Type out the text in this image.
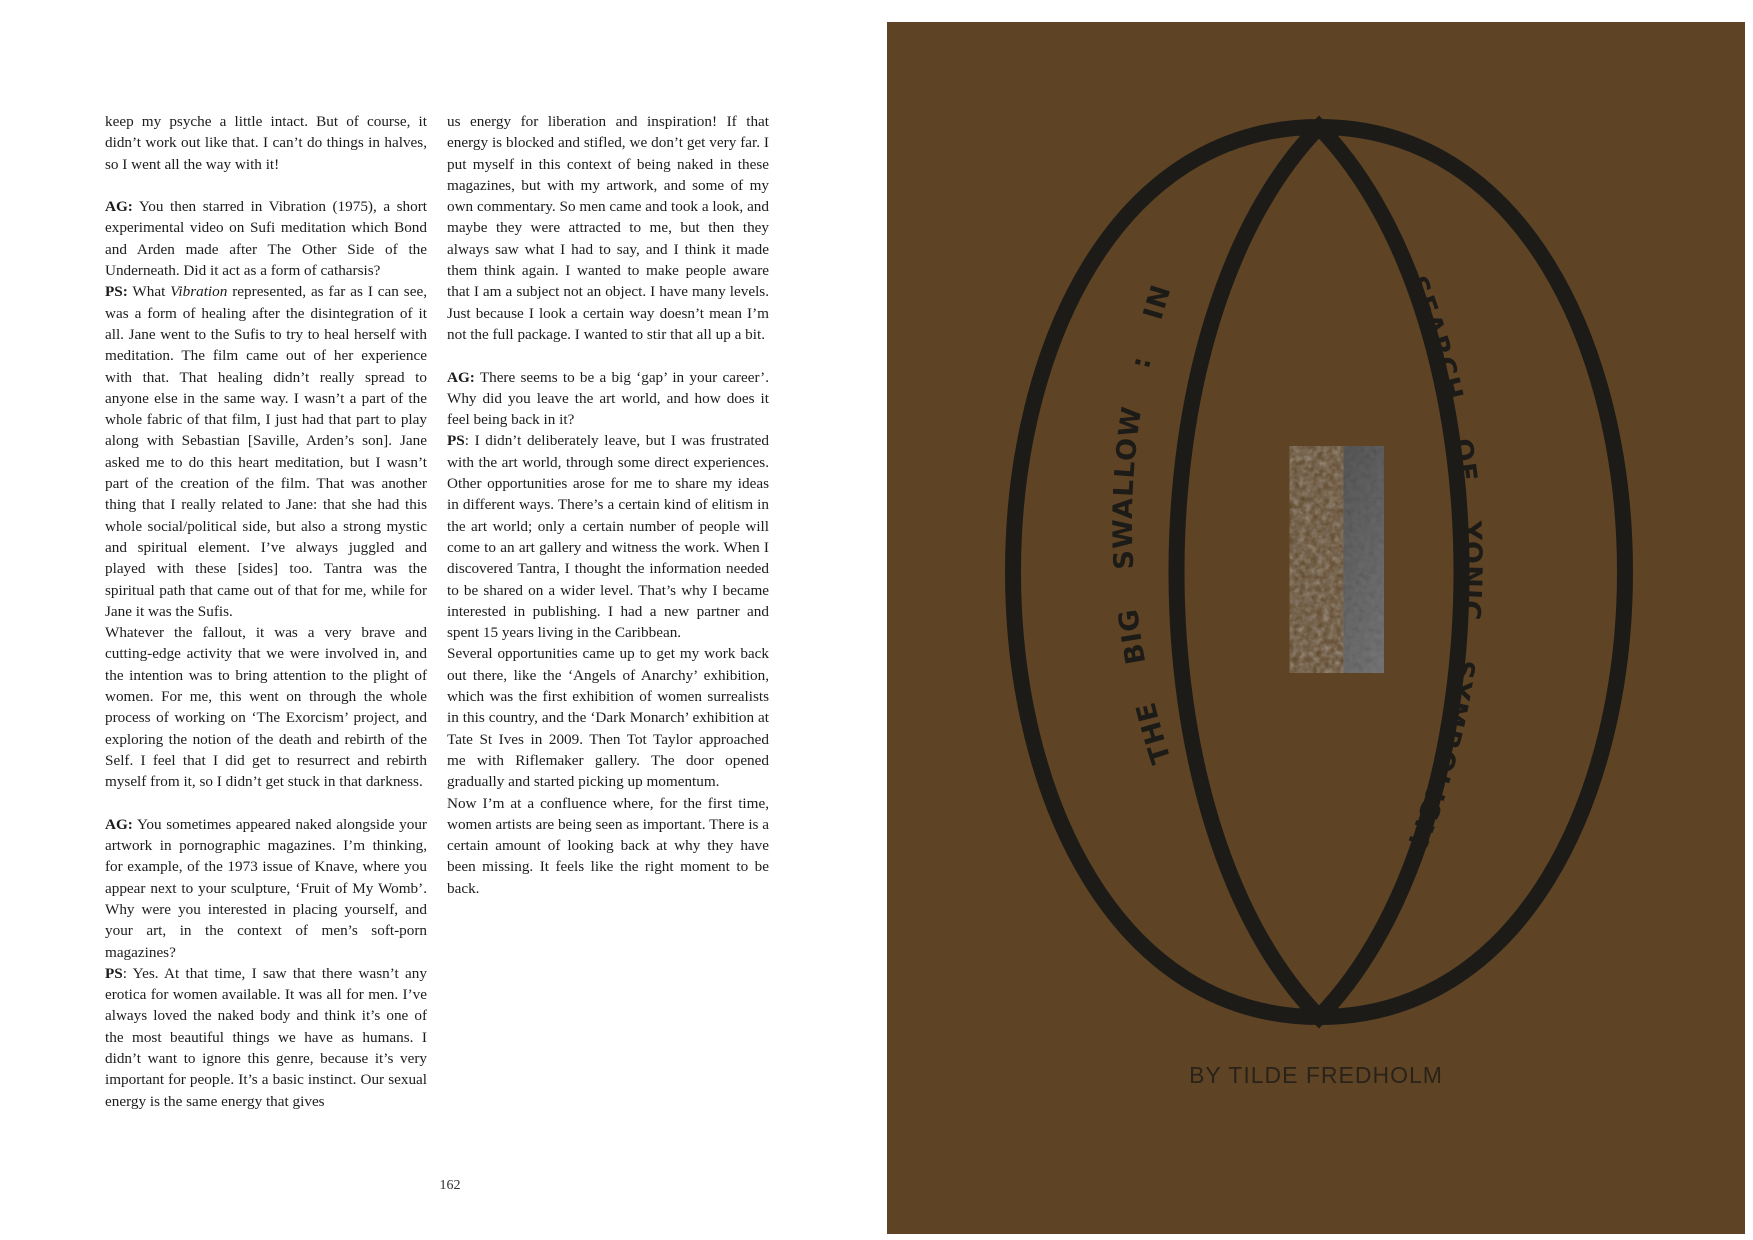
keep my psyche a little intact. But of course, it didn’t work out like that. I can’t do things in halves, so I went all the way with it!

AG: You then starred in Vibration (1975), a short experimental video on Sufi meditation which Bond and Arden made after The Other Side of the Underneath. Did it act as a form of catharsis?

PS: What Vibration represented, as far as I can see, was a form of healing after the disintegration of it all. Jane went to the Sufis to try to heal herself with meditation. The film came out of her experience with that. That healing didn’t really spread to anyone else in the same way. I wasn’t a part of the whole fabric of that film, I just had that part to play along with Sebastian [Saville, Arden’s son]. Jane asked me to do this heart meditation, but I wasn’t part of the creation of the film. That was another thing that I really related to Jane: that she had this whole social/political side, but also a strong mystic and spiritual element. I’ve always juggled and played with these [sides] too. Tantra was the spiritual path that came out of that for me, while for Jane it was the Sufis.

Whatever the fallout, it was a very brave and cutting-edge activity that we were involved in, and the intention was to bring attention to the plight of women. For me, this went on through the whole process of working on ‘The Exorcism’ project, and exploring the notion of the death and rebirth of the Self. I feel that I did get to resurrect and rebirth myself from it, so I didn’t get stuck in that darkness.

AG: You sometimes appeared naked alongside your artwork in pornographic magazines. I’m thinking, for example, of the 1973 issue of Knave, where you appear next to your sculpture, ‘Fruit of My Womb’. Why were you interested in placing yourself, and your art, in the context of men’s soft-porn magazines?

PS: Yes. At that time, I saw that there wasn’t any erotica for women available. It was all for men. I’ve always loved the naked body and think it’s one of the most beautiful things we have as humans. I didn’t want to ignore this genre, because it’s very important for people. It’s a basic instinct. Our sexual energy is the same energy that gives

us energy for liberation and inspiration! If that energy is blocked and stifled, we don’t get very far. I put myself in this context of being naked in these magazines, but with my artwork, and some of my own commentary. So men came and took a look, and maybe they were attracted to me, but then they always saw what I had to say, and I think it made them think again. I wanted to make people aware that I am a subject not an object. I have many levels. Just because I look a certain way doesn’t mean I’m not the full package. I wanted to stir that all up a bit.

AG: There seems to be a big ‘gap’ in your career’. Why did you leave the art world, and how does it feel being back in it?

PS: I didn’t deliberately leave, but I was frustrated with the art world, through some direct experiences. Other opportunities arose for me to share my ideas in different ways. There’s a certain kind of elitism in the art world; only a certain number of people will come to an art gallery and witness the work. When I discovered Tantra, I thought the information needed to be shared on a wider level. That’s why I became interested in publishing. I had a new partner and spent 15 years living in the Caribbean.

Several opportunities came up to get my work back out there, like the ‘Angels of Anarchy’ exhibition, which was the first exhibition of women surrealists in this country, and the ‘Dark Monarch’ exhibition at Tate St Ives in 2009. Then Tot Taylor approached me with Riflemaker gallery. The door opened gradually and started picking up momentum.

Now I’m at a confluence where, for the first time, women artists are being seen as important. There is a certain amount of looking back at why they have been missing. It feels like the right moment to be back.

162
THE BIG SWALLOW : IN	SEARCH OF YONIC SYMBOLISM
BY TILDE FREDHOLM
